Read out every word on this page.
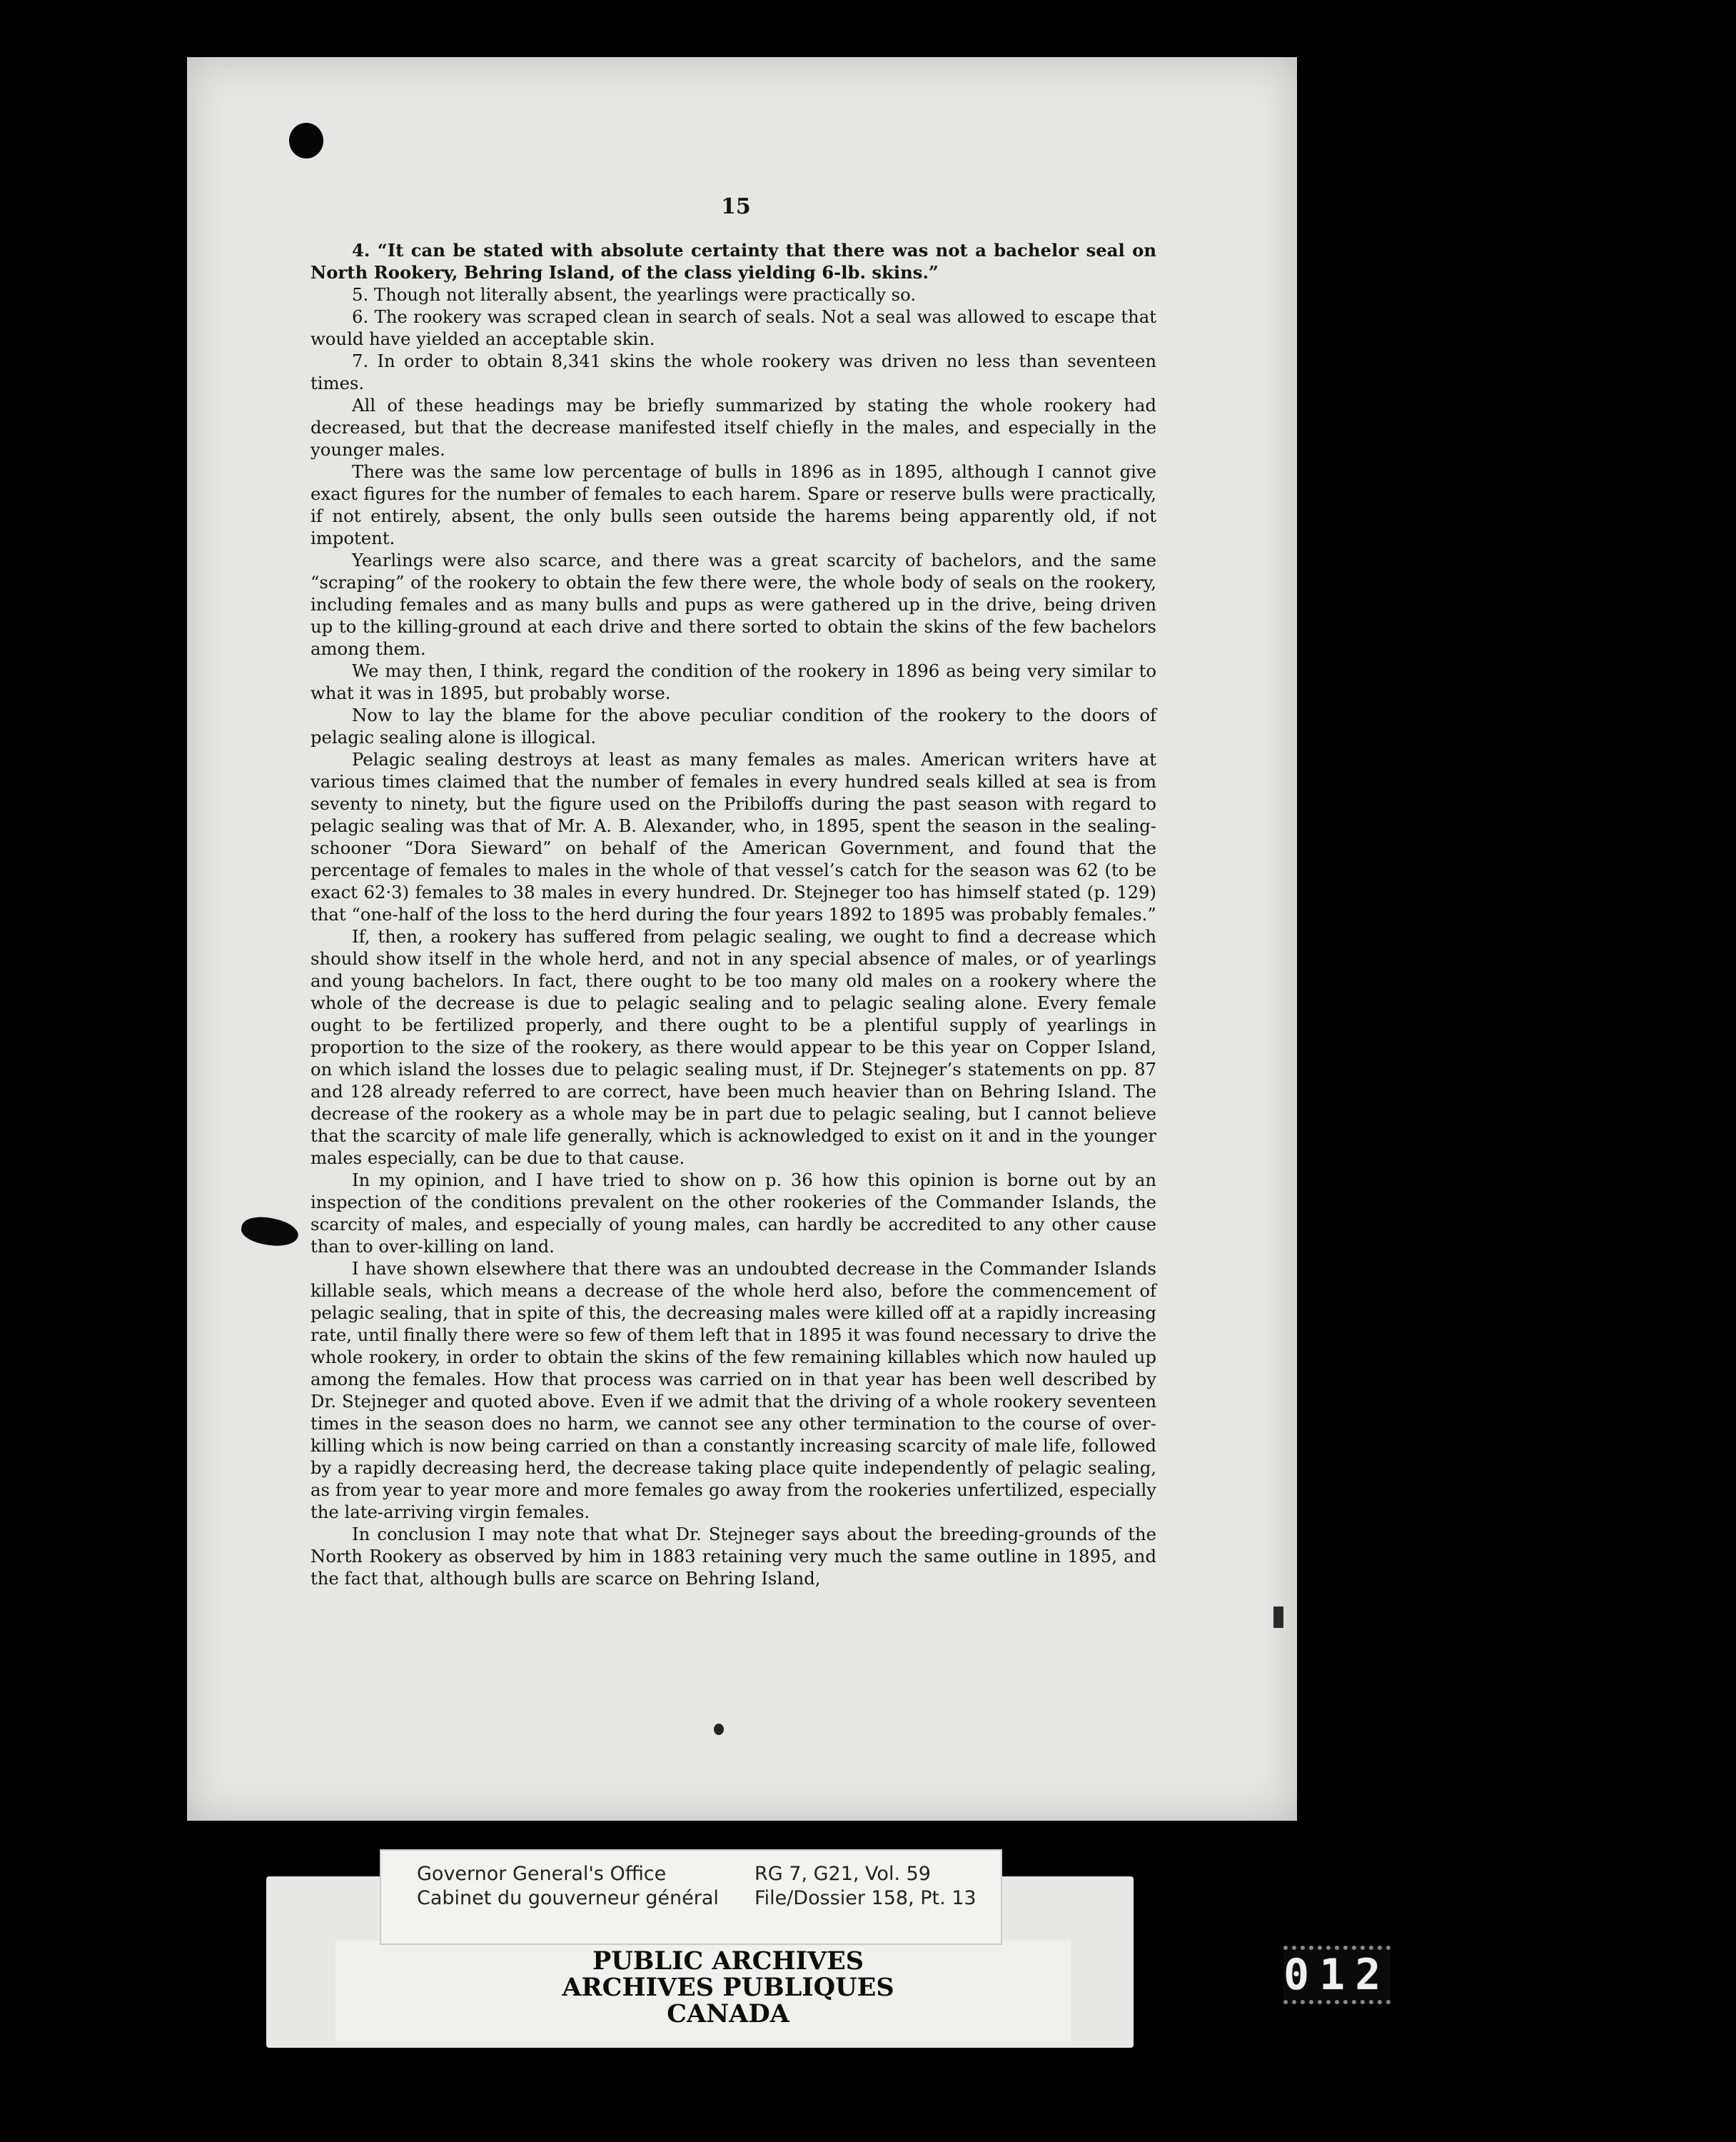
15

4. “It can be stated with absolute certainty that there was not a bachelor seal on North Rookery, Behring Island, of the class yielding 6-lb. skins.”

5. Though not literally absent, the yearlings were practically so.

6. The rookery was scraped clean in search of seals. Not a seal was allowed to escape that would have yielded an acceptable skin.

7. In order to obtain 8,341 skins the whole rookery was driven no less than seventeen times.

All of these headings may be briefly summarized by stating the whole rookery had decreased, but that the decrease manifested itself chiefly in the males, and especially in the younger males.

There was the same low percentage of bulls in 1896 as in 1895, although I cannot give exact figures for the number of females to each harem. Spare or reserve bulls were practically, if not entirely, absent, the only bulls seen outside the harems being apparently old, if not impotent.

Yearlings were also scarce, and there was a great scarcity of bachelors, and the same “scraping” of the rookery to obtain the few there were, the whole body of seals on the rookery, including females and as many bulls and pups as were gathered up in the drive, being driven up to the killing-ground at each drive and there sorted to obtain the skins of the few bachelors among them.

We may then, I think, regard the condition of the rookery in 1896 as being very similar to what it was in 1895, but probably worse.

Now to lay the blame for the above peculiar condition of the rookery to the doors of pelagic sealing alone is illogical.

Pelagic sealing destroys at least as many females as males. American writers have at various times claimed that the number of females in every hundred seals killed at sea is from seventy to ninety, but the figure used on the Pribiloffs during the past season with regard to pelagic sealing was that of Mr. A. B. Alexander, who, in 1895, spent the season in the sealing-schooner “Dora Sieward” on behalf of the American Government, and found that the percentage of females to males in the whole of that vessel’s catch for the season was 62 (to be exact 62·3) females to 38 males in every hundred. Dr. Stejneger too has himself stated (p. 129) that “one-half of the loss to the herd during the four years 1892 to 1895 was probably females.”

If, then, a rookery has suffered from pelagic sealing, we ought to find a decrease which should show itself in the whole herd, and not in any special absence of males, or of yearlings and young bachelors. In fact, there ought to be too many old males on a rookery where the whole of the decrease is due to pelagic sealing and to pelagic sealing alone. Every female ought to be fertilized properly, and there ought to be a plentiful supply of yearlings in proportion to the size of the rookery, as there would appear to be this year on Copper Island, on which island the losses due to pelagic sealing must, if Dr. Stejneger’s statements on pp. 87 and 128 already referred to are correct, have been much heavier than on Behring Island. The decrease of the rookery as a whole may be in part due to pelagic sealing, but I cannot believe that the scarcity of male life generally, which is acknowledged to exist on it and in the younger males especially, can be due to that cause.

In my opinion, and I have tried to show on p. 36 how this opinion is borne out by an inspection of the conditions prevalent on the other rookeries of the Commander Islands, the scarcity of males, and especially of young males, can hardly be accredited to any other cause than to over-killing on land.

I have shown elsewhere that there was an undoubted decrease in the Commander Islands killable seals, which means a decrease of the whole herd also, before the commencement of pelagic sealing, that in spite of this, the decreasing males were killed off at a rapidly increasing rate, until finally there were so few of them left that in 1895 it was found necessary to drive the whole rookery, in order to obtain the skins of the few remaining killables which now hauled up among the females. How that process was carried on in that year has been well described by Dr. Stejneger and quoted above. Even if we admit that the driving of a whole rookery seventeen times in the season does no harm, we cannot see any other termination to the course of over-killing which is now being carried on than a constantly increasing scarcity of male life, followed by a rapidly decreasing herd, the decrease taking place quite independently of pelagic sealing, as from year to year more and more females go away from the rookeries unfertilized, especially the late-arriving virgin females.

In conclusion I may note that what Dr. Stejneger says about the breeding-grounds of the North Rookery as observed by him in 1883 retaining very much the same outline in 1895, and the fact that, although bulls are scarce on Behring Island,

Governor General's Office
Cabinet du gouverneur général
RG 7, G21, Vol. 59
File/Dossier 158, Pt. 13
PUBLIC ARCHIVES
ARCHIVES PUBLIQUES
CANADA
012
